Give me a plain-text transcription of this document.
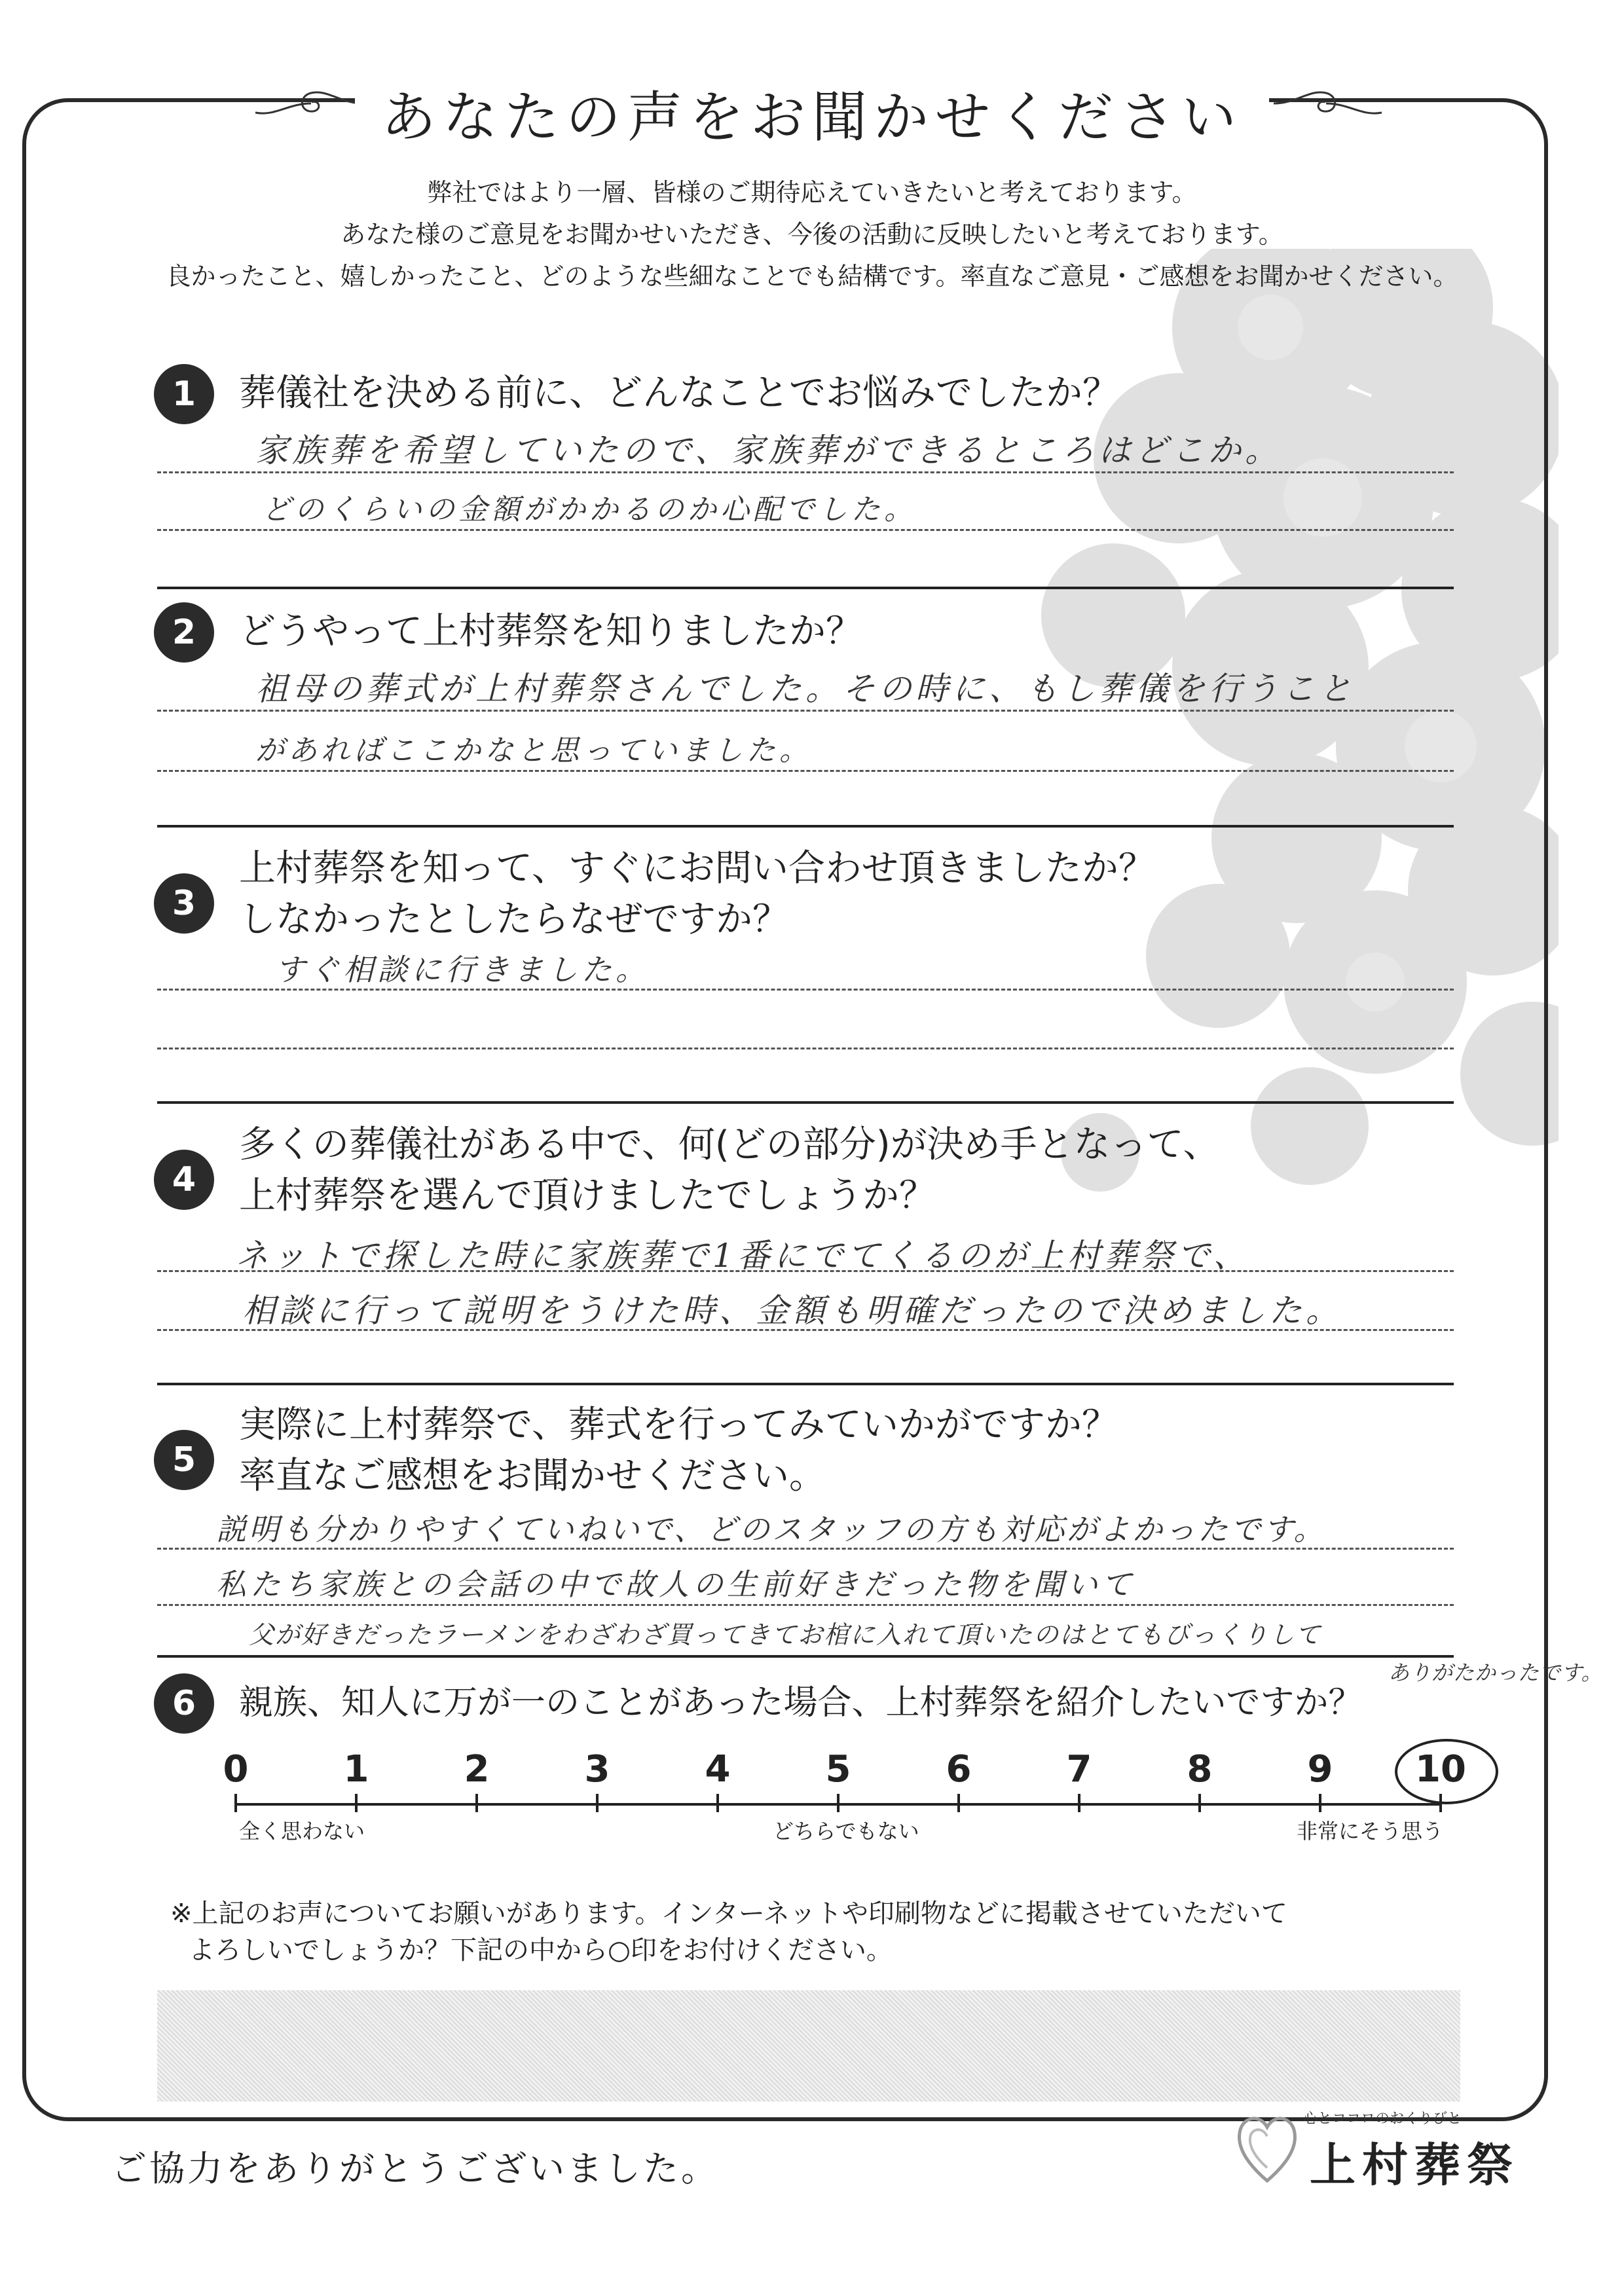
あなたの声をお聞かせください
弊社ではより一層、皆様のご期待応えていきたいと考えております。
あなた様のご意見をお聞かせいただき、今後の活動に反映したいと考えております。
良かったこと、嬉しかったこと、どのような些細なことでも結構です。率直なご意見・ご感想をお聞かせください。
1	葬儀社を決める前に、どんなことでお悩みでしたか？
家族葬を希望していたので、家族葬ができるところはどこか。
どのくらいの金額がかかるのか心配でした。
2	どうやって上村葬祭を知りましたか？
祖母の葬式が上村葬祭さんでした。その時に、もし葬儀を行うこと
があればここかなと思っていました。
3
上村葬祭を知って、すぐにお問い合わせ頂きましたか？
しなかったとしたらなぜですか？
すぐ相談に行きました。
4
多くの葬儀社がある中で、何(どの部分)が決め手となって、
上村葬祭を選んで頂けましたでしょうか？
ネットで探した時に家族葬で1番にでてくるのが上村葬祭で、
相談に行って説明をうけた時、金額も明確だったので決めました。
5
実際に上村葬祭で、葬式を行ってみていかがですか？
率直なご感想をお聞かせください。
説明も分かりやすくていねいで、どのスタッフの方も対応がよかったです。
私たち家族との会話の中で故人の生前好きだった物を聞いて
父が好きだったラーメンをわざわざ買ってきてお棺に入れて頂いたのはとてもびっくりして
ありがたかったです。
6	親族、知人に万が一のことがあった場合、上村葬祭を紹介したいですか？
0	1	2	3	4	5	6	7	8	9	10
全く思わない	どちらでもない	非常にそう思う
※上記のお声についてお願いがあります。インターネットや印刷物などに掲載させていただいて
よろしいでしょうか？下記の中から○印をお付けください。
ご協力をありがとうございました。
心とココロのおくりびと
上村葬祭
